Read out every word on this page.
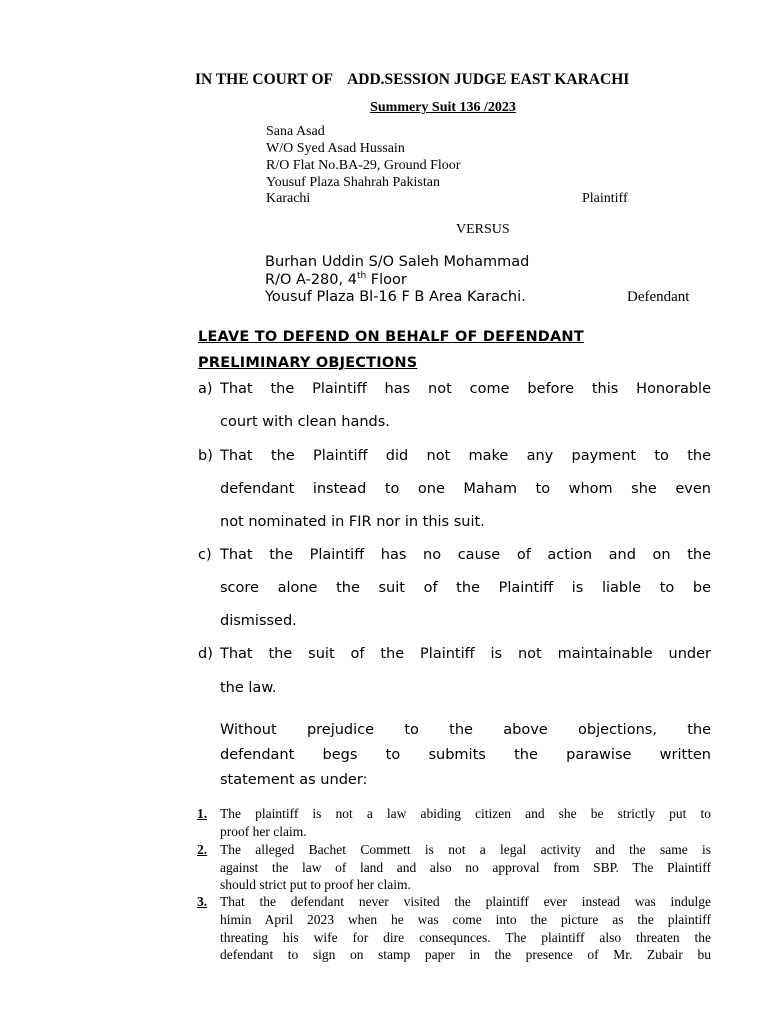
IN THE COURT OF ADD.SESSION JUDGE EAST KARACHI
Summery Suit 136 /2023
Sana Asad
W/O Syed Asad Hussain
R/O Flat No.BA-29, Ground Floor
Yousuf Plaza Shahrah Pakistan
Karachi	Plaintiff
VERSUS
Burhan Uddin S/O Saleh Mohammad
R/O A-280, 4th Floor
Yousuf Plaza Bl-16 F B Area Karachi.	Defendant
LEAVE TO DEFEND ON BEHALF OF DEFENDANT
PRELIMINARY OBJECTIONS
a) That the Plaintiff has not come before this Honorable
court with clean hands.
b) That the Plaintiff did not make any payment to the
defendant instead to one Maham to whom she even
not nominated in FIR nor in this suit.
c) That the Plaintiff has no cause of action and on the
score alone the suit of the Plaintiff is liable to be
dismissed.
d) That the suit of the Plaintiff is not maintainable under
the law.
Without prejudice to the above objections, the
defendant begs to submits the parawise written
statement as under:
1. The plaintiff is not a law abiding citizen and she be strictly put to
proof her claim.
2. The alleged Bachet Commett is not a legal activity and the same is
against the law of land and also no approval from SBP. The Plaintiff
should strict put to proof her claim.
3. That the defendant never visited the plaintiff ever instead was indulge
himin April 2023 when he was come into the picture as the plaintiff
threating his wife for dire consequnces. The plaintiff also threaten the
defendant to sign on stamp paper in the presence of Mr. Zubair bu
